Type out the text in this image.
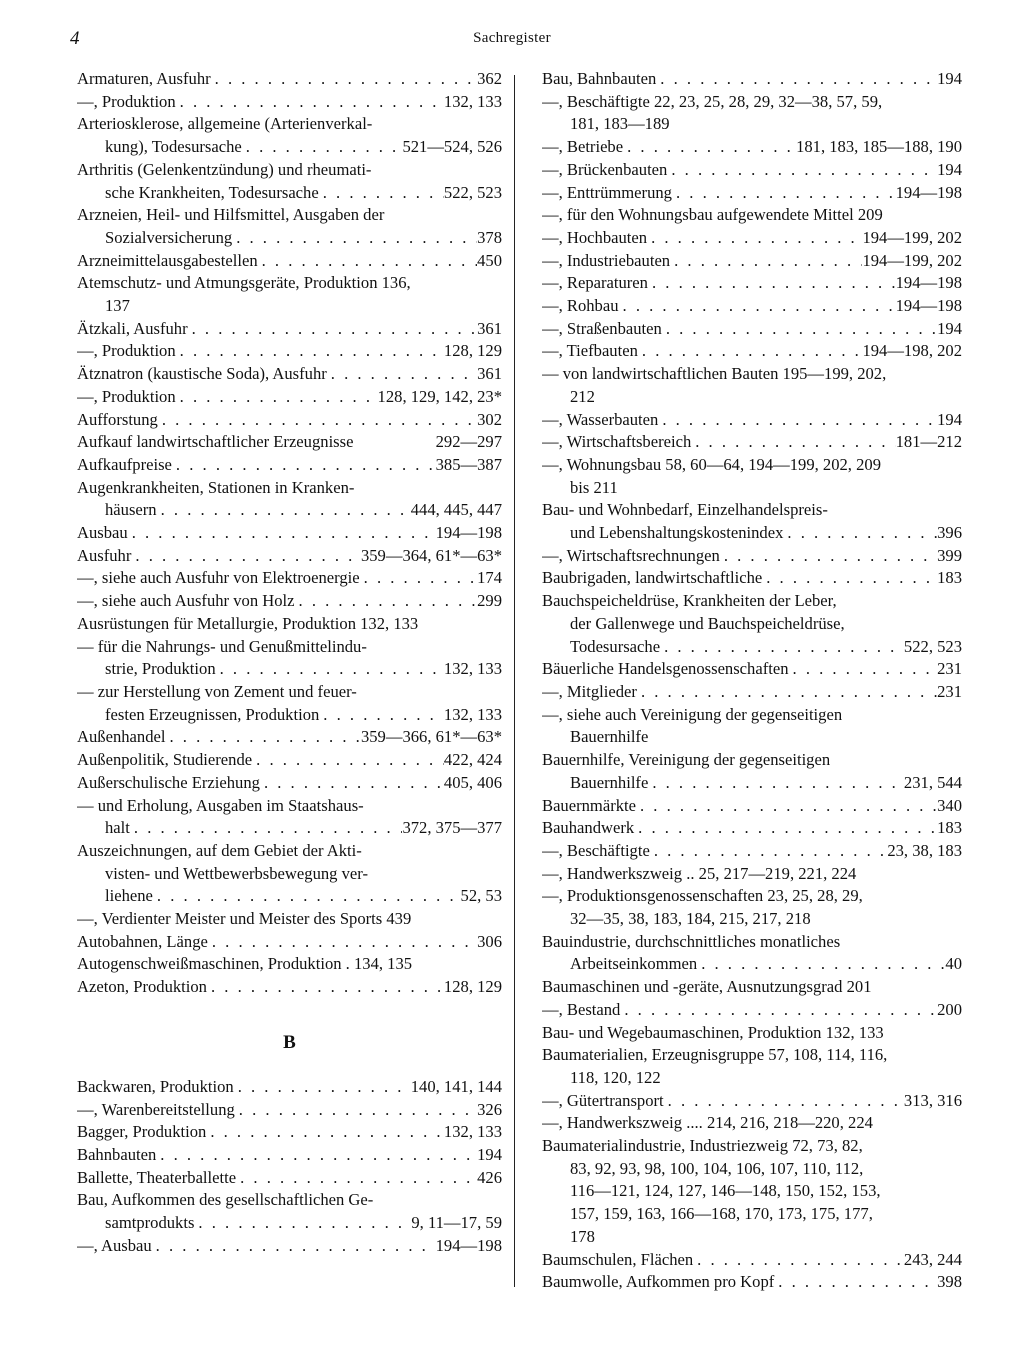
4	Sachregister
Armaturen, Ausfuhr . . .	362
—, Produktion . . .	132, 133
Arteriosklerose, allgemeine (Arterienverkal-
kung), Todesursache . . .	521—524, 526
Arthritis (Gelenkentzündung) und rheumati-
sche Krankheiten, Todesursache . . .	522, 523
Arzneien, Heil- und Hilfsmittel, Ausgaben der
Sozialversicherung . . .	378
Arzneimittelausgabestellen . . .	450
Atemschutz- und Atmungsgeräte, Produktion 136,
137
Ätzkali, Ausfuhr . . .	361
—, Produktion . . .	128, 129
Ätznatron (kaustische Soda), Ausfuhr . . .	361
—, Produktion . . .	128, 129, 142, 23*
Aufforstung . . .	302
Aufkauf landwirtschaftlicher Erzeugnisse	292—297
Aufkaufpreise . . .	385—387
Augenkrankheiten, Stationen in Kranken-
häusern . . .	444, 445, 447
Ausbau . . .	194—198
Ausfuhr . . .	359—364, 61*—63*
—, siehe auch Ausfuhr von Elektroenergie . . .	174
—, siehe auch Ausfuhr von Holz . . .	299
Ausrüstungen für Metallurgie, Produktion 132, 133
— für die Nahrungs- und Genußmittelindu-
strie, Produktion . . .	132, 133
— zur Herstellung von Zement und feuer-
festen Erzeugnissen, Produktion . . .	132, 133
Außenhandel . . .	359—366, 61*—63*
Außenpolitik, Studierende . . .	422, 424
Außerschulische Erziehung . . .	405, 406
— und Erholung, Ausgaben im Staatshaus-
halt . . .	372, 375—377
Auszeichnungen, auf dem Gebiet der Akti-
visten- und Wettbewerbsbewegung ver-
liehene . . .	52, 53
—, Verdienter Meister und Meister des Sports 439
Autobahnen, Länge . . .	306
Autogenschweißmaschinen, Produktion . 134, 135
Azeton, Produktion . . .	128, 129
B
Backwaren, Produktion . . .	140, 141, 144
—, Warenbereitstellung . . .	326
Bagger, Produktion . . .	132, 133
Bahnbauten . . .	194
Ballette, Theaterballette . . .	426
Bau, Aufkommen des gesellschaftlichen Ge-
samtprodukts . . .	9, 11—17, 59
—, Ausbau . . .	194—198
Bau, Bahnbauten . . .	194
—, Beschäftigte 22, 23, 25, 28, 29, 32—38, 57, 59,
181, 183—189
—, Betriebe . . .	181, 183, 185—188, 190
—, Brückenbauten . . .	194
—, Enttrümmerung . . .	194—198
—, für den Wohnungsbau aufgewendete Mittel 209
—, Hochbauten . . .	194—199, 202
—, Industriebauten . . .	194—199, 202
—, Reparaturen . . .	194—198
—, Rohbau . . .	194—198
—, Straßenbauten . . .	194
—, Tiefbauten . . .	194—198, 202
— von landwirtschaftlichen Bauten 195—199, 202,
212
—, Wasserbauten . . .	194
—, Wirtschaftsbereich . . .	181—212
—, Wohnungsbau 58, 60—64, 194—199, 202, 209
bis 211
Bau- und Wohnbedarf, Einzelhandelspreis-
und Lebenshaltungskostenindex . . .	396
—, Wirtschaftsrechnungen . . .	399
Baubrigaden, landwirtschaftliche . . .	183
Bauchspeicheldrüse, Krankheiten der Leber,
der Gallenwege und Bauchspeicheldrüse,
Todesursache . . .	522, 523
Bäuerliche Handelsgenossenschaften . . .	231
—, Mitglieder . . .	231
—, siehe auch Vereinigung der gegenseitigen
Bauernhilfe
Bauernhilfe, Vereinigung der gegenseitigen
Bauernhilfe . . .	231, 544
Bauernmärkte . . .	340
Bauhandwerk . . .	183
—, Beschäftigte . . .	23, 38, 183
—, Handwerkszweig .. 25, 217—219, 221, 224
—, Produktionsgenossenschaften 23, 25, 28, 29,
32—35, 38, 183, 184, 215, 217, 218
Bauindustrie, durchschnittliches monatliches
Arbeitseinkommen . . .	40
Baumaschinen und -geräte, Ausnutzungsgrad 201
—, Bestand . . .	200
Bau- und Wegebaumaschinen, Produktion 132, 133
Baumaterialien, Erzeugnisgruppe 57, 108, 114, 116,
118, 120, 122
—, Gütertransport . . .	313, 316
—, Handwerkszweig .... 214, 216, 218—220, 224
Baumaterialindustrie, Industriezweig 72, 73, 82,
83, 92, 93, 98, 100, 104, 106, 107, 110, 112,
116—121, 124, 127, 146—148, 150, 152, 153,
157, 159, 163, 166—168, 170, 173, 175, 177,
178
Baumschulen, Flächen . . .	243, 244
Baumwolle, Aufkommen pro Kopf . . .	398
